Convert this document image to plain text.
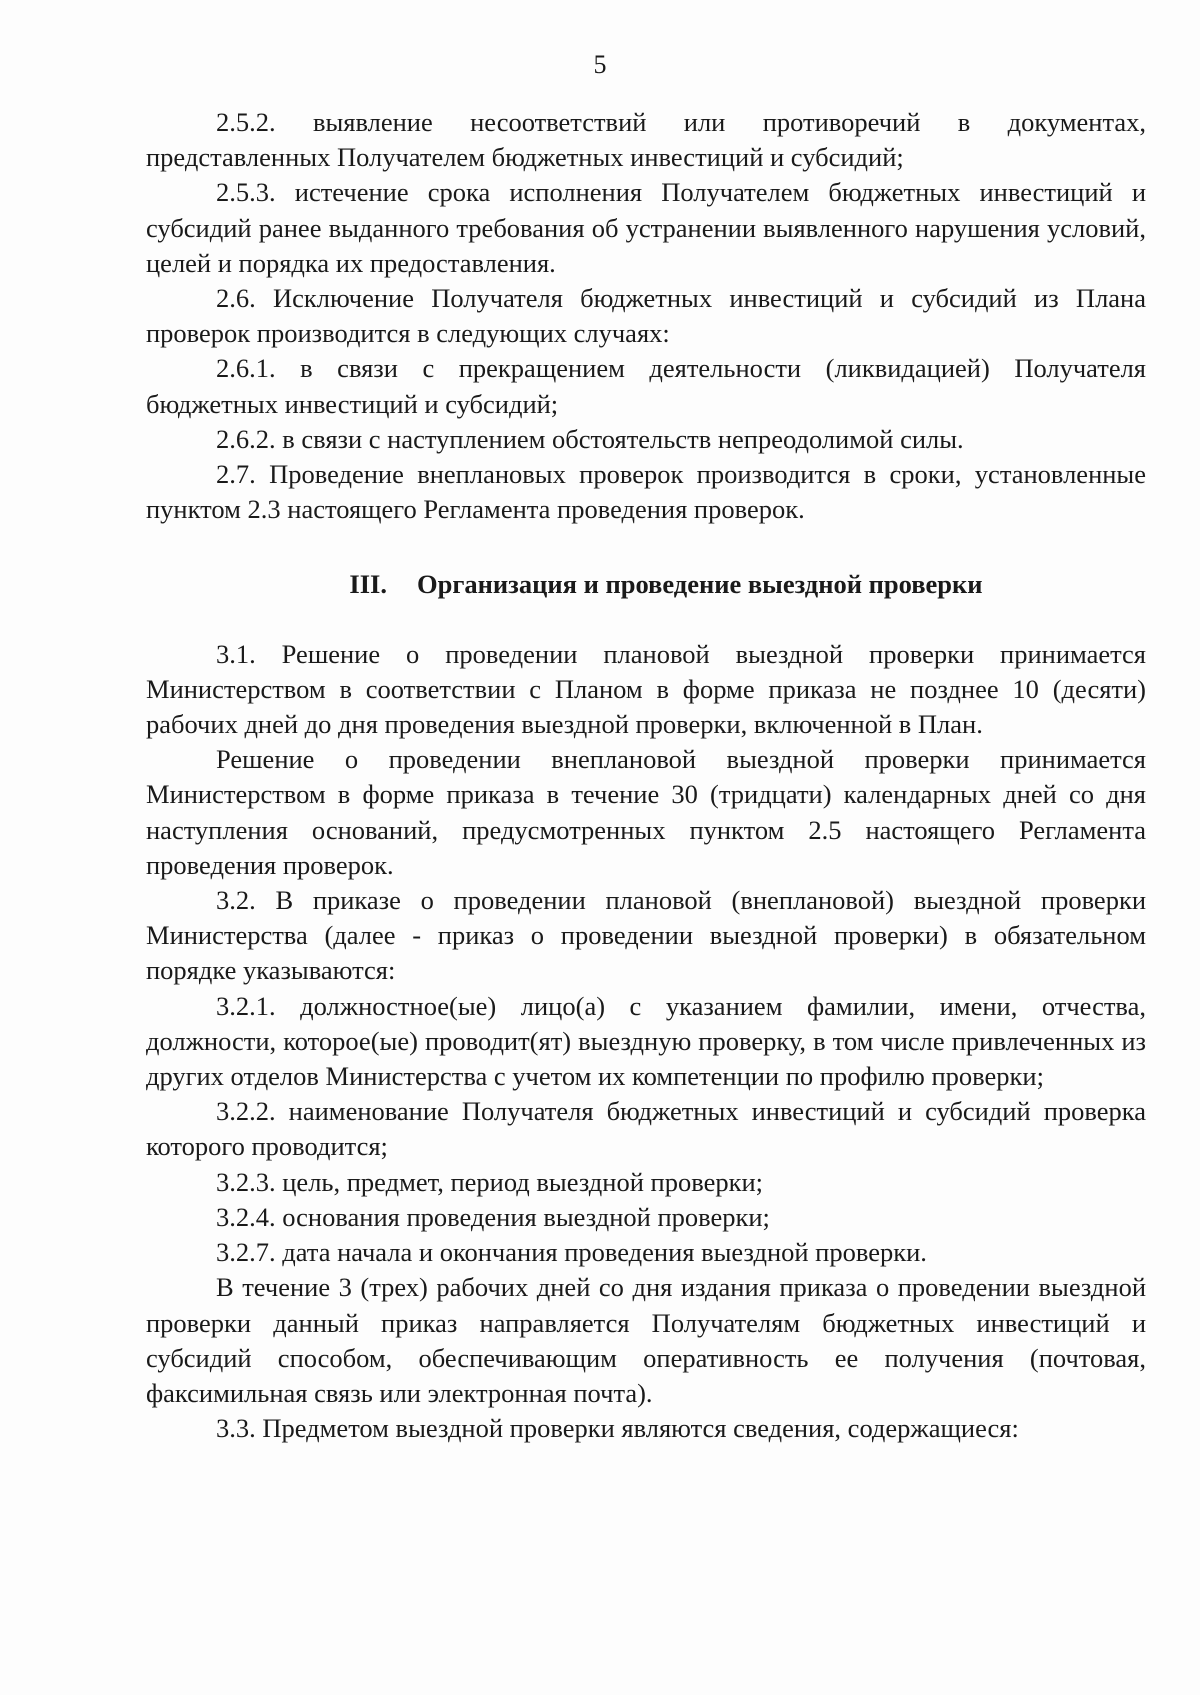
5

2.5.2. выявление несоответствий или противоречий в документах, представленных Получателем бюджетных инвестиций и субсидий;

2.5.3. истечение срока исполнения Получателем бюджетных инвестиций и субсидий ранее выданного требования об устранении выявленного нарушения условий, целей и порядка их предоставления.

2.6. Исключение Получателя бюджетных инвестиций и субсидий из Плана проверок производится в следующих случаях:

2.6.1. в связи с прекращением деятельности (ликвидацией) Получателя бюджетных инвестиций и субсидий;

2.6.2. в связи с наступлением обстоятельств непреодолимой силы.

2.7. Проведение внеплановых проверок производится в сроки, установленные пунктом 2.3 настоящего Регламента проведения проверок.

III. Организация и проведение выездной проверки

3.1. Решение о проведении плановой выездной проверки принимается Министерством в соответствии с Планом в форме приказа не позднее 10 (десяти) рабочих дней до дня проведения выездной проверки, включенной в План.

Решение о проведении внеплановой выездной проверки принимается Министерством в форме приказа в течение 30 (тридцати) календарных дней со дня наступления оснований, предусмотренных пунктом 2.5 настоящего Регламента проведения проверок.

3.2. В приказе о проведении плановой (внеплановой) выездной проверки Министерства (далее - приказ о проведении выездной проверки) в обязательном порядке указываются:

3.2.1. должностное(ые) лицо(а) с указанием фамилии, имени, отчества, должности, которое(ые) проводит(ят) выездную проверку, в том числе привлеченных из других отделов Министерства с учетом их компетенции по профилю проверки;

3.2.2. наименование Получателя бюджетных инвестиций и субсидий проверка которого проводится;

3.2.3. цель, предмет, период выездной проверки;

3.2.4. основания проведения выездной проверки;

3.2.7. дата начала и окончания проведения выездной проверки.

В течение 3 (трех) рабочих дней со дня издания приказа о проведении выездной проверки данный приказ направляется Получателям бюджетных инвестиций и субсидий способом, обеспечивающим оперативность ее получения (почтовая, факсимильная связь или электронная почта).

3.3. Предметом выездной проверки являются сведения, содержащиеся:
